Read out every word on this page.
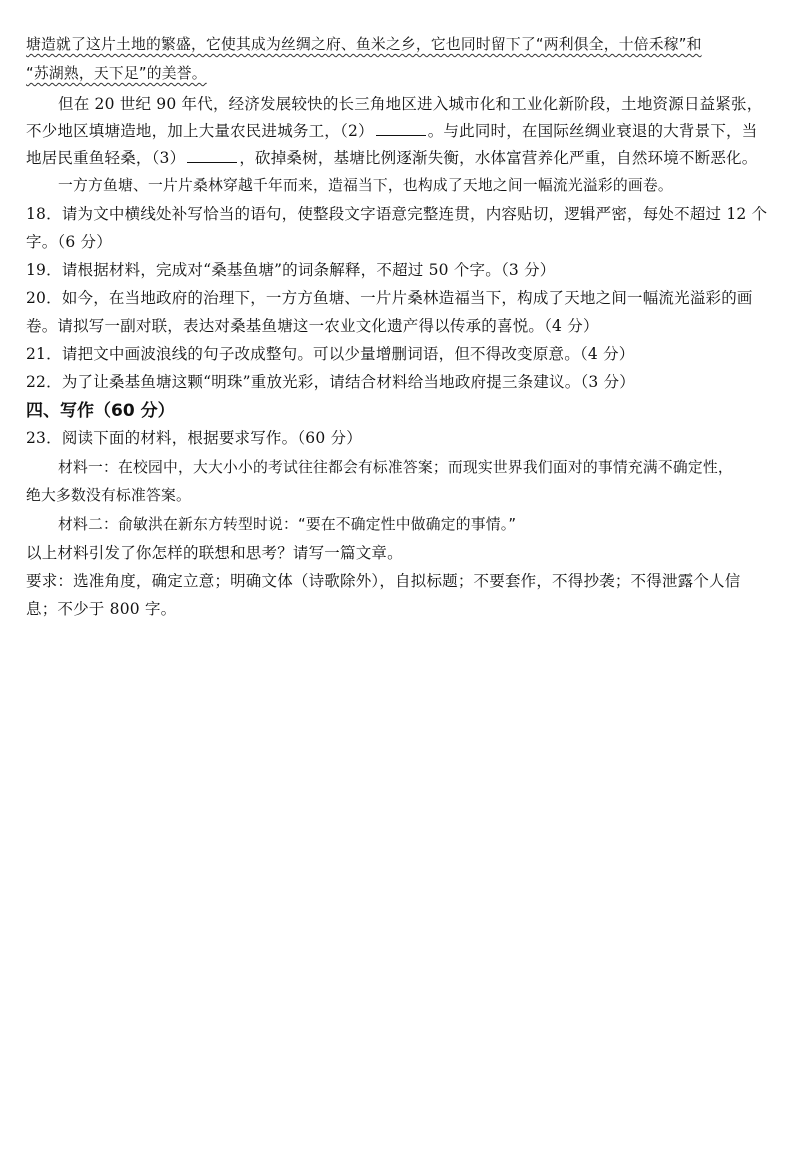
塘造就了这片土地的繁盛，它使其成为丝绸之府、鱼米之乡，它也同时留下了“两利俱全，十倍禾稼”和
“苏湖熟，天下足”的美誉。
但在 20 世纪 90 年代，经济发展较快的长三角地区进入城市化和工业化新阶段，土地资源日益紧张，
不少地区填塘造地，加上大量农民进城务工，（2）	。与此同时，在国际丝绸业衰退的大背景下，当
地居民重鱼轻桑，（3）	，砍掉桑树，基塘比例逐渐失衡，水体富营养化严重，自然环境不断恶化。
一方方鱼塘、一片片桑林穿越千年而来，造福当下，也构成了天地之间一幅流光溢彩的画卷。
18．请为文中横线处补写恰当的语句，使整段文字语意完整连贯，内容贴切，逻辑严密，每处不超过 12 个
字。（6 分）
19．请根据材料，完成对“桑基鱼塘”的词条解释，不超过 50 个字。（3 分）
20．如今，在当地政府的治理下，一方方鱼塘、一片片桑林造福当下，构成了天地之间一幅流光溢彩的画
卷。请拟写一副对联，表达对桑基鱼塘这一农业文化遗产得以传承的喜悦。（4 分）
21．请把文中画波浪线的句子改成整句。可以少量增删词语，但不得改变原意。（4 分）
22．为了让桑基鱼塘这颗“明珠”重放光彩，请结合材料给当地政府提三条建议。（3 分）
四、写作（60 分）
23．阅读下面的材料，根据要求写作。（60 分）
材料一：在校园中，大大小小的考试往往都会有标准答案；而现实世界我们面对的事情充满不确定性，
绝大多数没有标准答案。
材料二：俞敏洪在新东方转型时说：“要在不确定性中做确定的事情。”
以上材料引发了你怎样的联想和思考？请写一篇文章。
要求：选准角度，确定立意；明确文体（诗歌除外），自拟标题；不要套作，不得抄袭；不得泄露个人信
息；不少于 800 字。
